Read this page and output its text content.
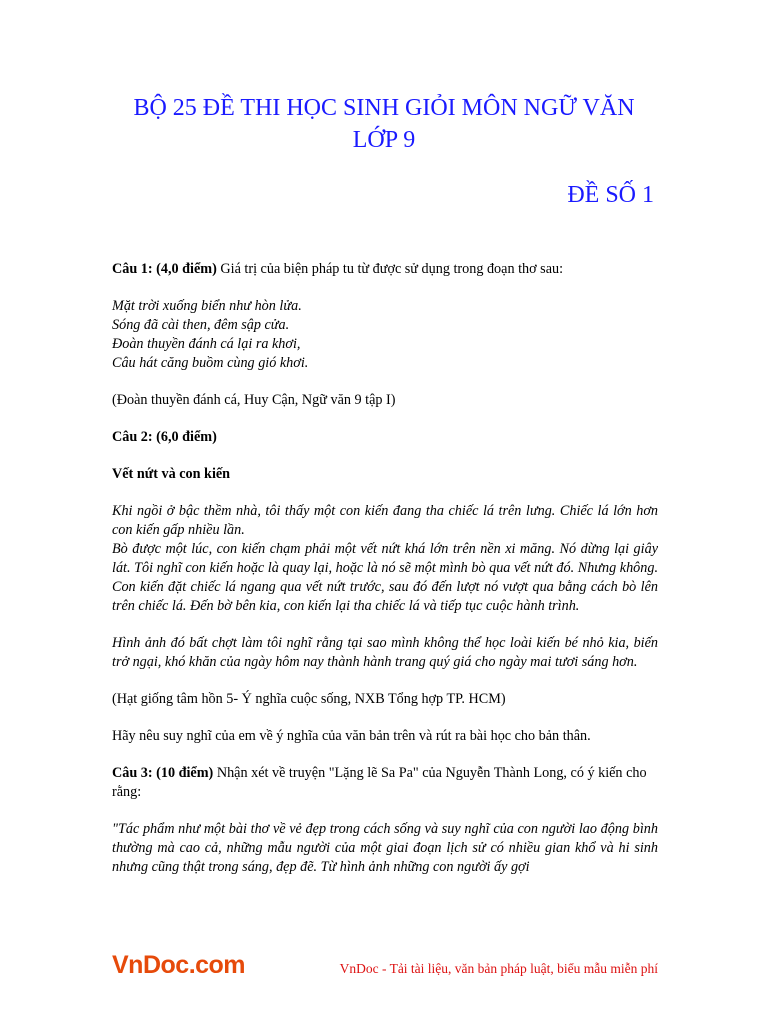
BỘ 25 ĐỀ THI HỌC SINH GIỎI MÔN NGỮ VĂN
LỚP 9
ĐỀ SỐ 1

Câu 1: (4,0 điểm) Giá trị của biện pháp tu từ được sử dụng trong đoạn thơ sau:

Mặt trời xuống biển như hòn lửa.
Sóng đã cài then, đêm sập cửa.
Đoàn thuyền đánh cá lại ra khơi,
Câu hát căng buồm cùng gió khơi.

(Đoàn thuyền đánh cá, Huy Cận, Ngữ văn 9 tập I)

Câu 2: (6,0 điểm)

Vết nứt và con kiến

Khi ngồi ở bậc thềm nhà, tôi thấy một con kiến đang tha chiếc lá trên lưng. Chiếc lá lớn hơn con kiến gấp nhiều lần.
Bò được một lúc, con kiến chạm phải một vết nứt khá lớn trên nền xi măng. Nó dừng lại giây lát. Tôi nghĩ con kiến hoặc là quay lại, hoặc là nó sẽ một mình bò qua vết nứt đó. Nhưng không. Con kiến đặt chiếc lá ngang qua vết nứt trước, sau đó đến lượt nó vượt qua bằng cách bò lên trên chiếc lá. Đến bờ bên kia, con kiến lại tha chiếc lá và tiếp tục cuộc hành trình.

Hình ảnh đó bất chợt làm tôi nghĩ rằng tại sao mình không thể học loài kiến bé nhỏ kia, biến trở ngại, khó khăn của ngày hôm nay thành hành trang quý giá cho ngày mai tươi sáng hơn.

(Hạt giống tâm hồn 5- Ý nghĩa cuộc sống, NXB Tổng hợp TP. HCM)

Hãy nêu suy nghĩ của em về ý nghĩa của văn bản trên và rút ra bài học cho bản thân.

Câu 3: (10 điểm) Nhận xét về truyện "Lặng lẽ Sa Pa" của Nguyễn Thành Long, có ý kiến cho rằng:

"Tác phẩm như một bài thơ về vẻ đẹp trong cách sống và suy nghĩ của con người lao động bình thường mà cao cả, những mẫu người của một giai đoạn lịch sử có nhiều gian khổ và hi sinh nhưng cũng thật trong sáng, đẹp đẽ. Từ hình ảnh những con người ấy gợi

VnDoc.com	VnDoc - Tải tài liệu, văn bản pháp luật, biểu mẫu miễn phí
